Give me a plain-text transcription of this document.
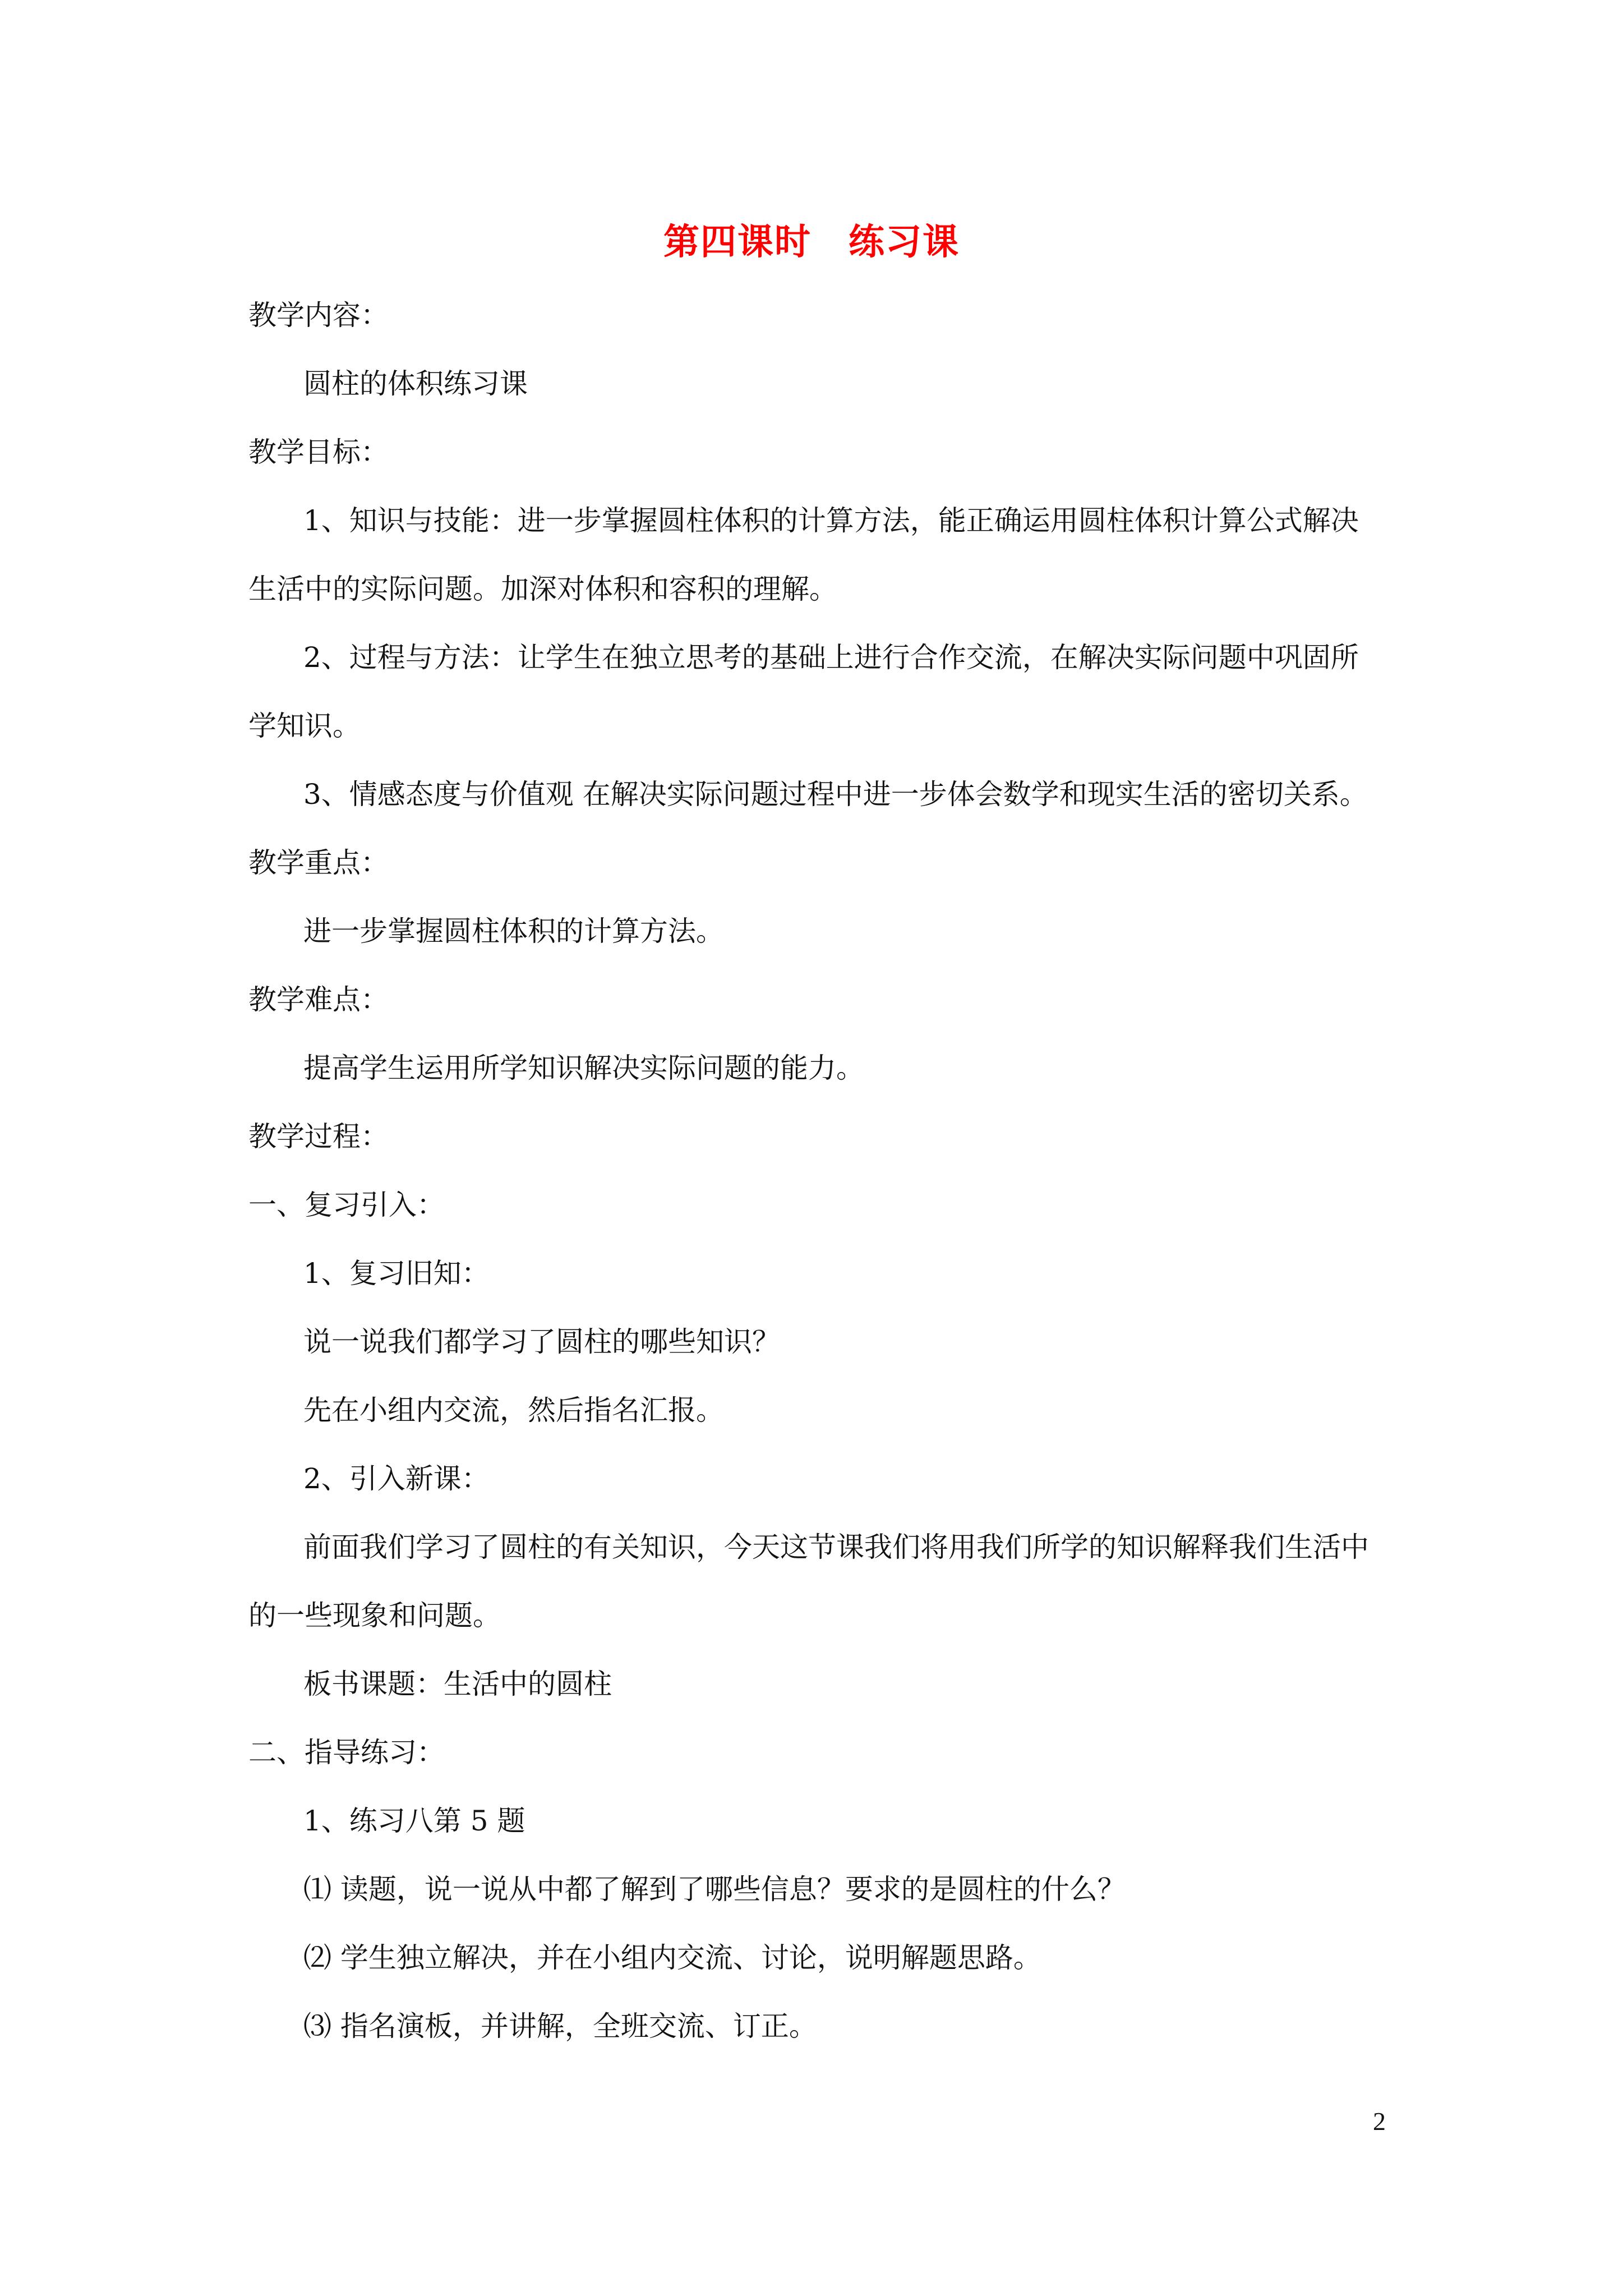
第四课时　练习课
教学内容：
圆柱的体积练习课
教学目标：
1、知识与技能：进一步掌握圆柱体积的计算方法，能正确运用圆柱体积计算公式解决
生活中的实际问题。加深对体积和容积的理解。
2、过程与方法：让学生在独立思考的基础上进行合作交流，在解决实际问题中巩固所
学知识。
3、情感态度与价值观 在解决实际问题过程中进一步体会数学和现实生活的密切关系。
教学重点：
进一步掌握圆柱体积的计算方法。
教学难点：
提高学生运用所学知识解决实际问题的能力。
教学过程：
一、复习引入：
1、复习旧知：
说一说我们都学习了圆柱的哪些知识？
先在小组内交流，然后指名汇报。
2、引入新课：
前面我们学习了圆柱的有关知识，今天这节课我们将用我们所学的知识解释我们生活中
的一些现象和问题。
板书课题：生活中的圆柱
二、指导练习：
1、练习八第 5 题
⑴ 读题，说一说从中都了解到了哪些信息？要求的是圆柱的什么？
⑵ 学生独立解决，并在小组内交流、讨论，说明解题思路。
⑶ 指名演板，并讲解，全班交流、订正。
2
